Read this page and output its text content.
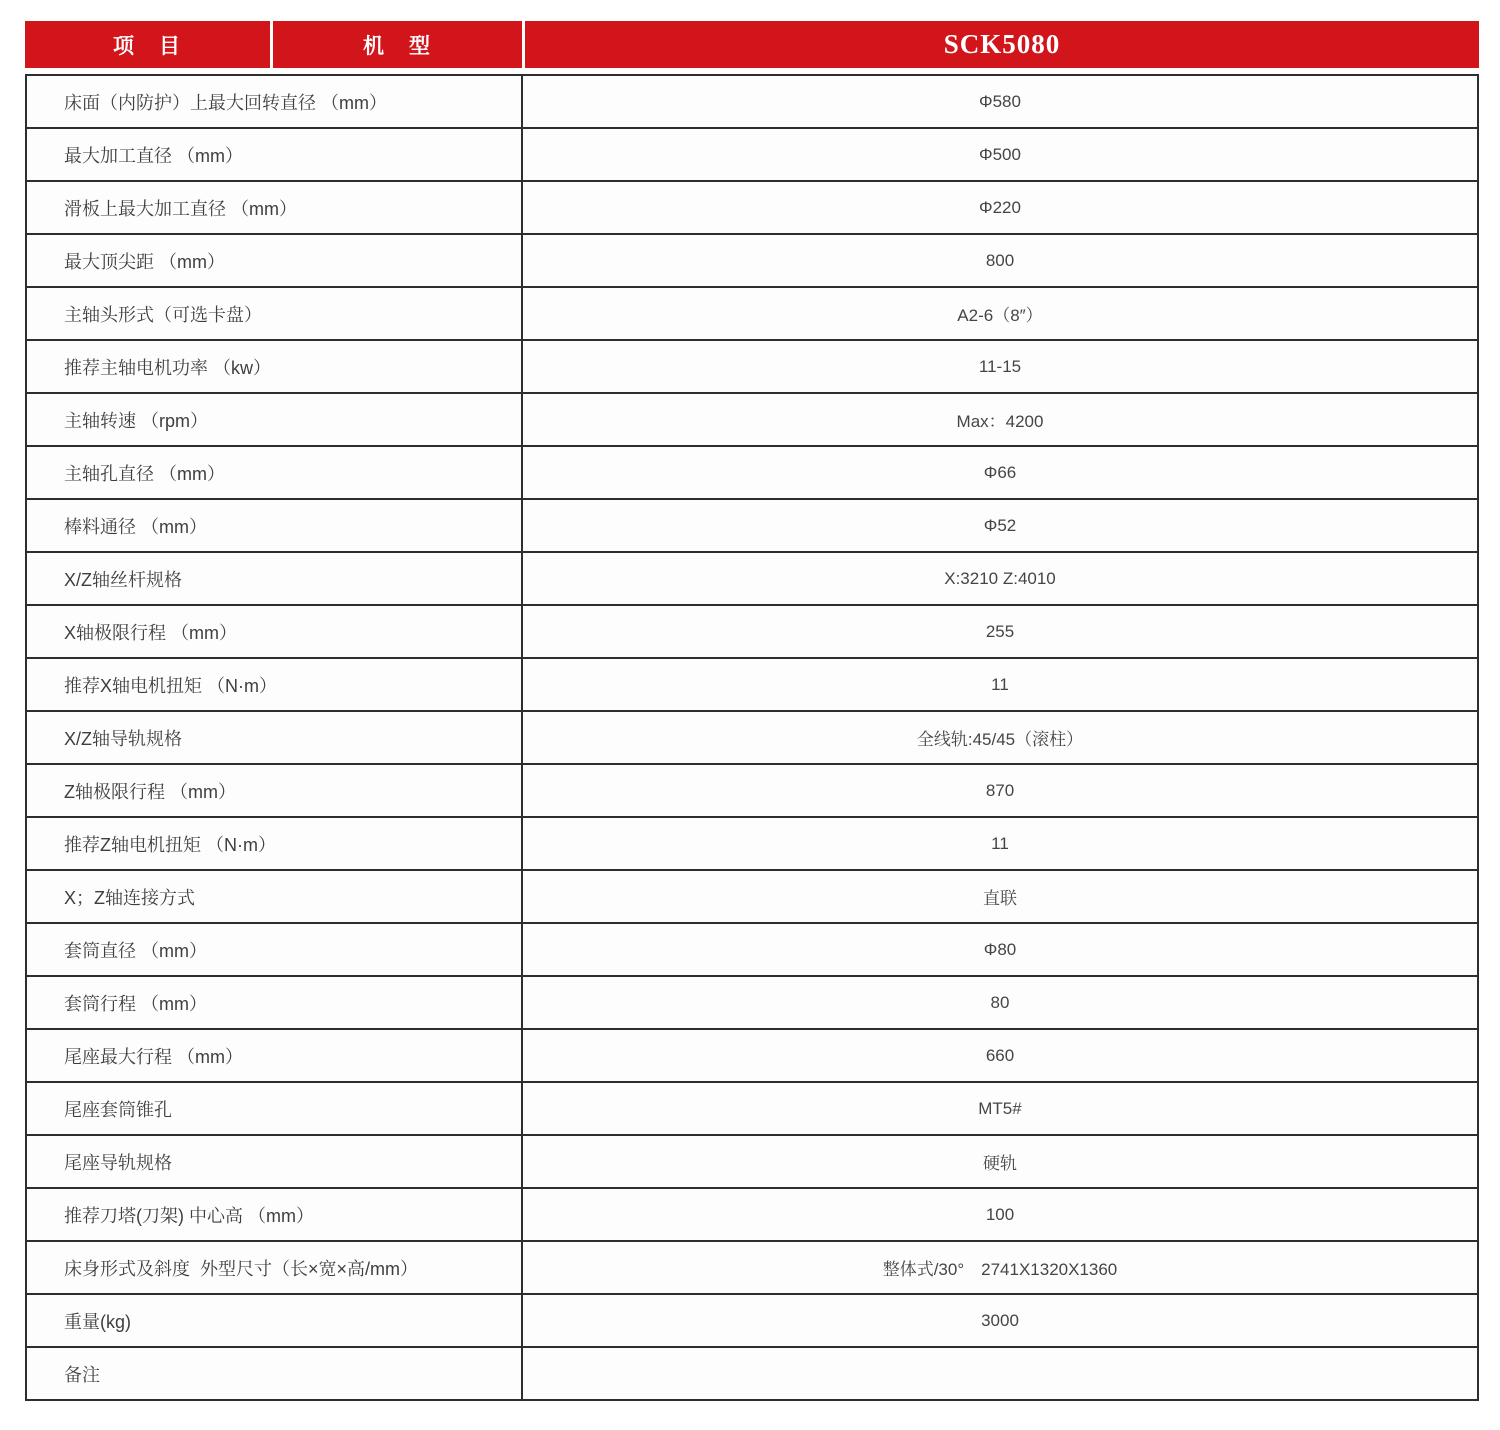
项　目	机　型	SCK5080
床面（内防护）上最大回转直径 （mm）	Φ580
最大加工直径 （mm）	Φ500
滑板上最大加工直径 （mm）	Φ220
最大顶尖距 （mm）	800
主轴头形式（可选卡盘）	A2-6（8″）
推荐主轴电机功率 （kw）	11-15
主轴转速 （rpm）	Max：4200
主轴孔直径 （mm）	Φ66
棒料通径 （mm）	Φ52
X/Z轴丝杆规格	X:3210 Z:4010
X轴极限行程 （mm）	255
推荐X轴电机扭矩 （N·m）	11
X/Z轴导轨规格	全线轨:45/45（滚柱）
Z轴极限行程 （mm）	870
推荐Z轴电机扭矩 （N·m）	11
X；Z轴连接方式	直联
套筒直径 （mm）	Φ80
套筒行程 （mm）	80
尾座最大行程 （mm）	660
尾座套筒锥孔	MT5#
尾座导轨规格	硬轨
推荐刀塔(刀架) 中心高 （mm）	100
床身形式及斜度  外型尺寸（长×宽×高/mm）	整体式/30°　2741X1320X1360
重量(kg)	3000
备注
